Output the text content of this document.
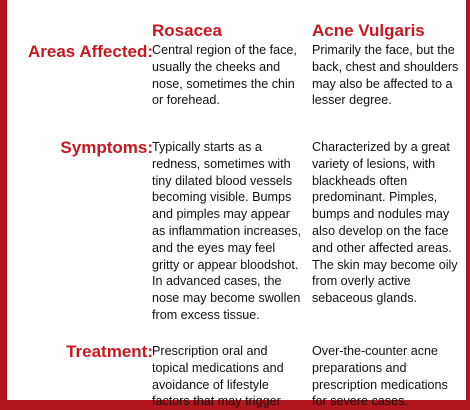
Rosacea	Acne Vulgaris
Areas Affected: Central region of the face, usually the cheeks and nose, sometimes the chin or forehead.
Primarily the face, but the back, chest and shoulders may also be affected to a lesser degree.
Symptoms: Typically starts as a redness, sometimes with tiny dilated blood vessels becoming visible. Bumps and pimples may appear as inflammation increases, and the eyes may feel gritty or appear bloodshot. In advanced cases, the nose may become swollen from excess tissue.
Characterized by a great variety of lesions, with blackheads often predominant. Pimples, bumps and nodules may also develop on the face and other affected areas. The skin may become oily from overly active sebaceous glands.
Treatment: Prescription oral and topical medications and avoidance of lifestyle factors that may trigger
Over-the-counter acne preparations and prescription medications for severe cases.
